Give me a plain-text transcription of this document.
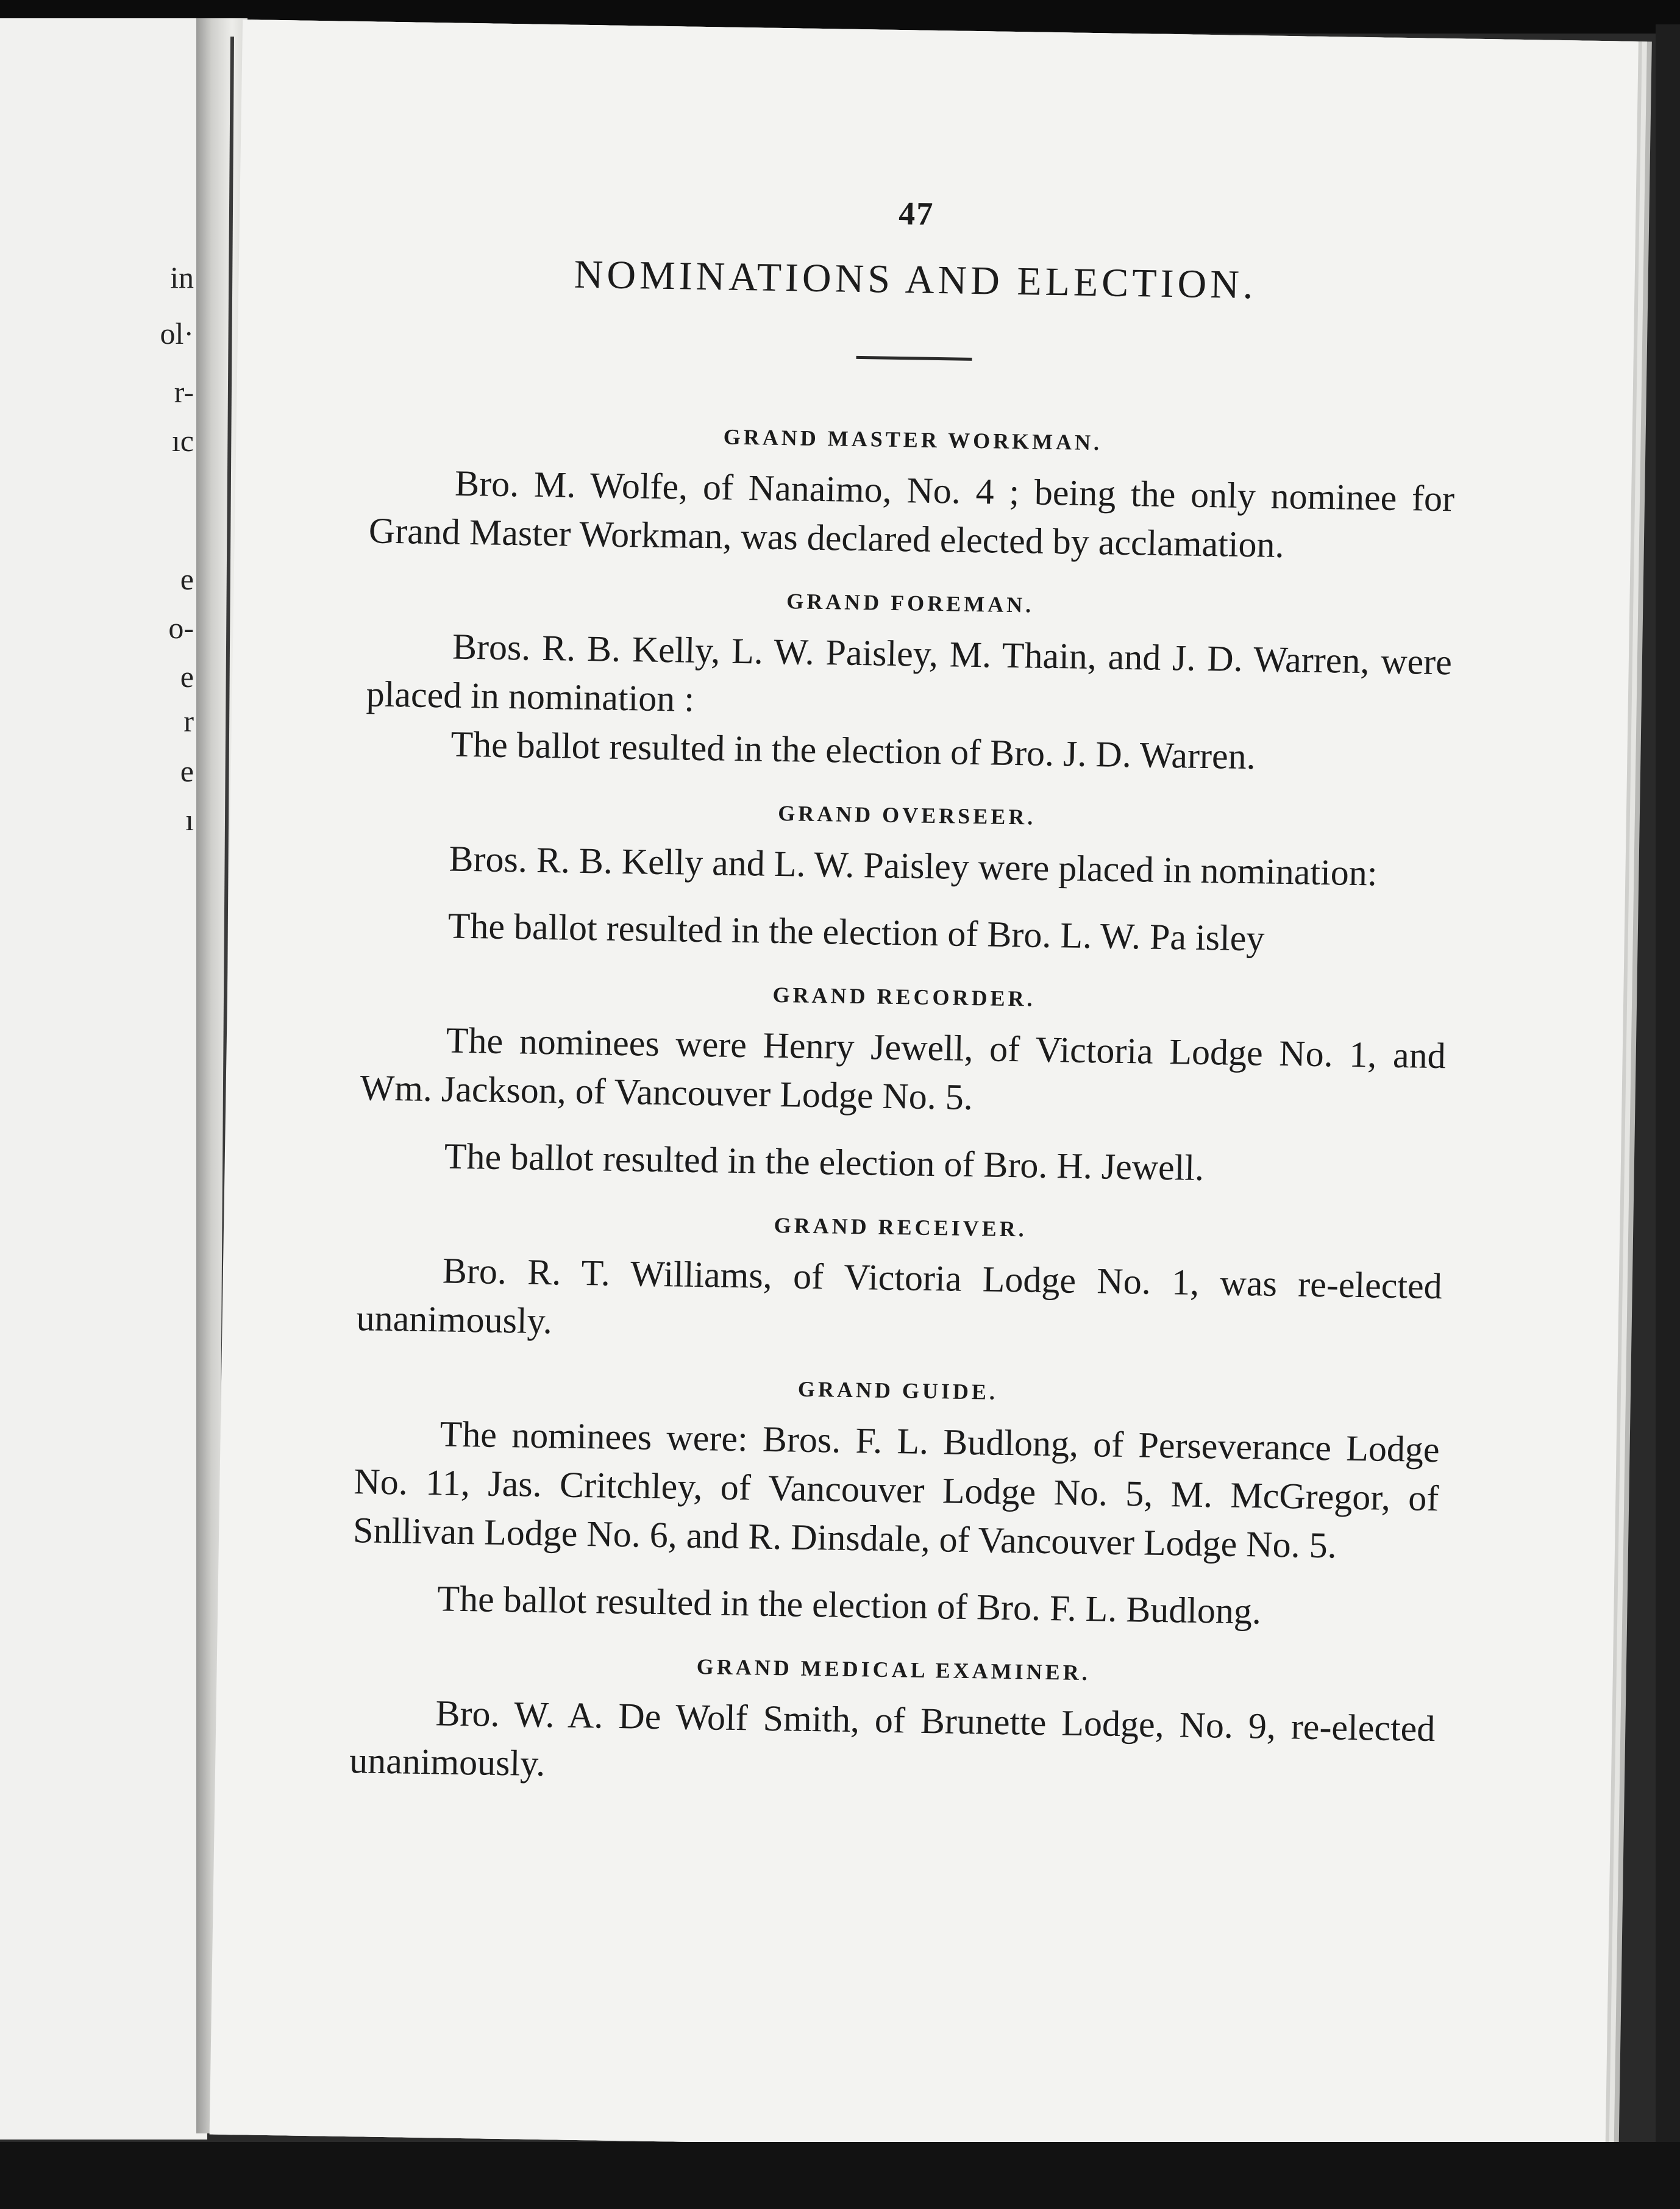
in
ol·
r-
ıc
e
o-
e
r
e
ı
47
NOMINATIONS AND ELECTION.
GRAND MASTER WORKMAN.

Bro. M. Wolfe, of Nanaimo, No. 4 ; being the only nominee for Grand Master Workman, was declared elected by acclamation.

GRAND FOREMAN.

Bros. R. B. Kelly, L. W. Paisley, M. Thain, and J. D. Warren, were placed in nomination :

The ballot resulted in the election of Bro. J. D. Warren.

GRAND OVERSEER.

Bros. R. B. Kelly and L. W. Paisley were placed in nomination:

The ballot resulted in the election of Bro. L. W. Pa isley

GRAND RECORDER.

The nominees were Henry Jewell, of Victoria Lodge No. 1, and Wm. Jackson, of Vancouver Lodge No. 5.

The ballot resulted in the election of Bro. H. Jewell.

GRAND RECEIVER.

Bro. R. T. Williams, of Victoria Lodge No. 1, was re-elected unanimously.

GRAND GUIDE.

The nominees were: Bros. F. L. Budlong, of Perseverance Lodge No. 11, Jas. Critchley, of Vancouver Lodge No. 5, M. McGregor, of Snllivan Lodge No. 6, and R. Dinsdale, of Vancouver Lodge No. 5.

The ballot resulted in the election of Bro. F. L. Budlong.

GRAND MEDICAL EXAMINER.

Bro. W. A. De Wolf Smith, of Brunette Lodge, No. 9, re-elected unanimously.
